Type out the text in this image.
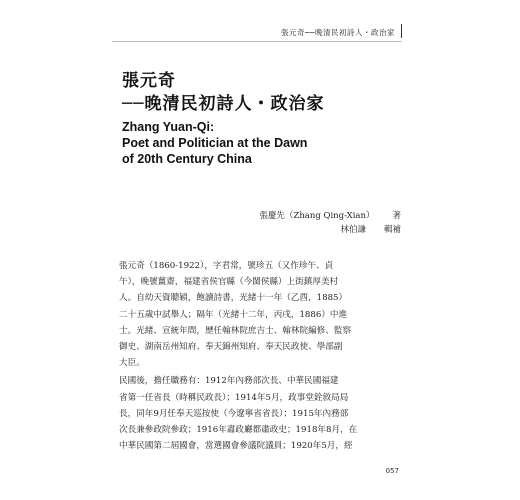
張元奇──晚清民初詩人・政治家
張元奇
──晚清民初詩人・政治家
Zhang Yuan-Qi:
Poet and Politician at the Dawn
of 20th Century China
張慶先（Zhang Qing-Xian） 著
林伯謙 輯補

張元奇（1860-1922），字君常，號珍五（又作珍午、貞
午），晚號薑齋，福建省侯官縣（今閩侯縣）上街鎮厚美村
人。自幼天資聰穎，飽讀詩書，光緒十一年（乙酉，1885）
二十五歲中試舉人；隔年（光緒十二年，丙戌，1886）中進
士。光緒、宣統年間，歷任翰林院庶吉士、翰林院編修、監察
御史、湖南岳州知府、奉天錦州知府、奉天民政使、學部副
大臣。

民國後，擔任職務有：1912年內務部次長、中華民國福建
省第一任省長（時稱民政長）；1914年5月，政事堂銓敘局局
長，同年9月任奉天巡按使（今遼寧省省長）；1915年內務部
次長兼參政院參政；1916年肅政廳都肅政史；1918年8月，在
中華民國第二屆國會，當選國會參議院議員；1920年5月，經

057
